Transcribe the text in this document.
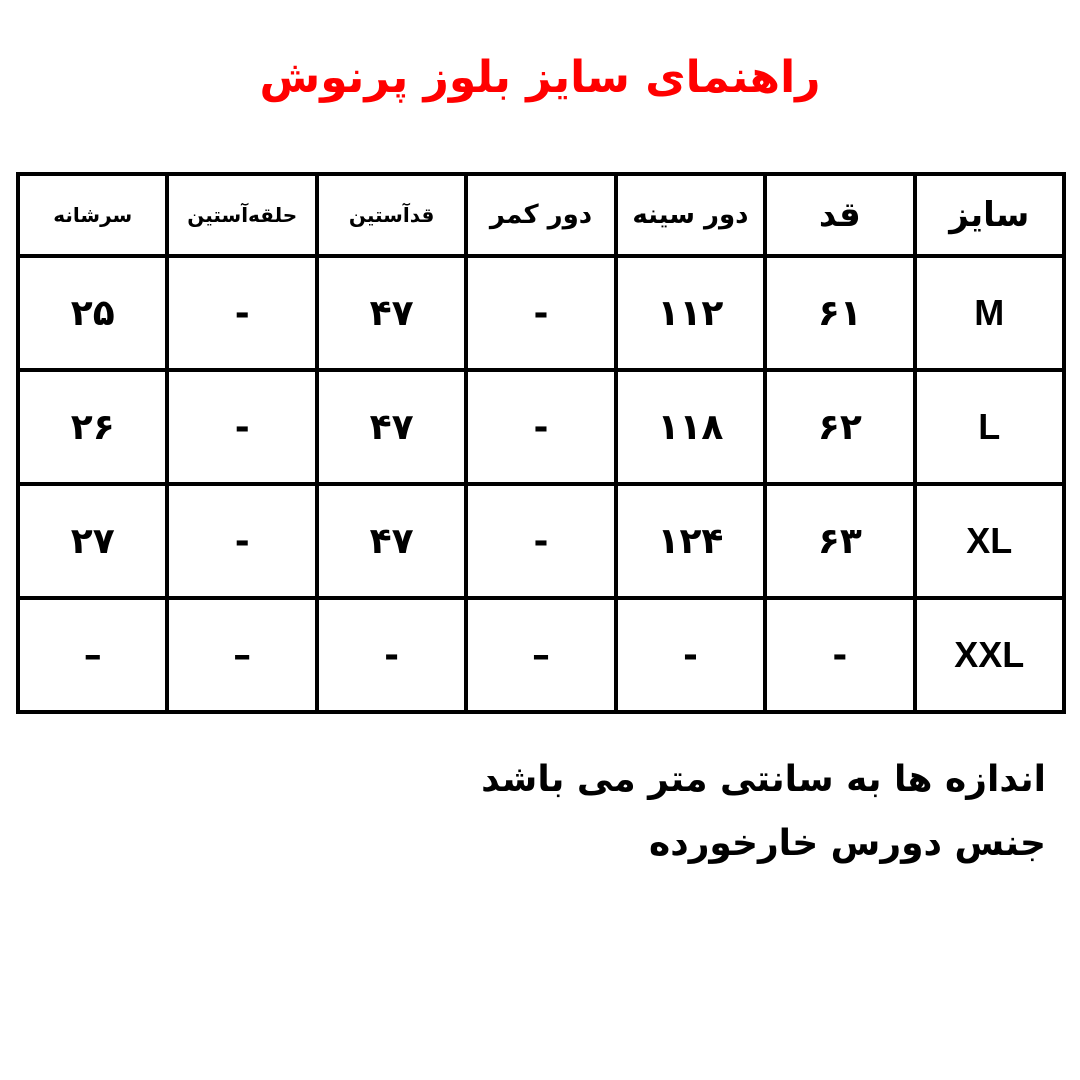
راهنمای سایز بلوز پرنوش
سایز	قد	دور سینه	دور کمر	قدآستین	حلقه‌آستین	سرشانه
M	۶۱	۱۱۲	-	۴۷	-	۲۵
L	۶۲	۱۱۸	-	۴۷	-	۲۶
XL	۶۳	۱۲۴	-	۴۷	-	۲۷
XXL	-	-	–	-	–	–
اندازه ها به سانتی متر می باشد
جنس دورس خارخورده
